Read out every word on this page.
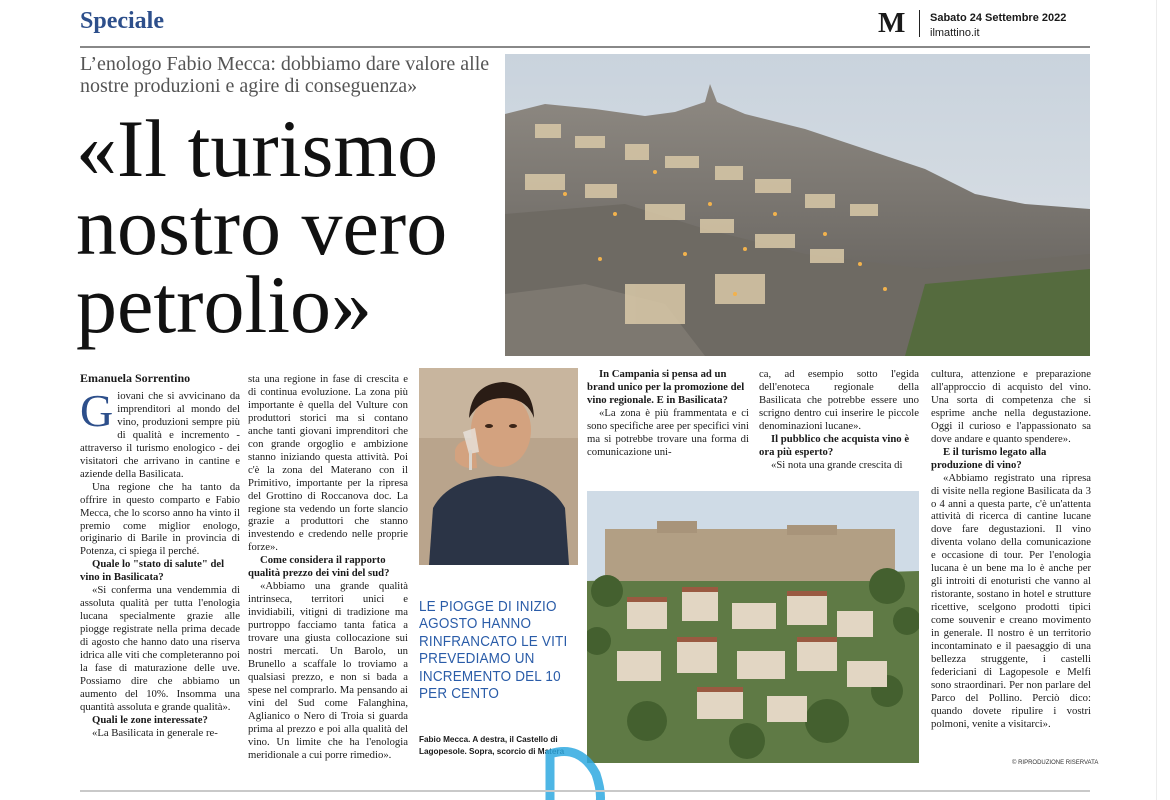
Speciale	M Sabato 24 Settembre 2022
ilmattino.it
L’enologo Fabio Mecca: dobbiamo dare valore alle nostre produzioni e agire di conseguenza»
«Il turismo nostro vero petrolio»
Emanuela Sorrentino

Giovani che si avvicinano da imprenditori al mondo del vino, produzioni sempre più di qualità e incremento - attraverso il turismo enologico - dei visitatori che arrivano in cantine e aziende della Basilicata.

Una regione che ha tanto da offrire in questo comparto e Fabio Mecca, che lo scorso anno ha vinto il premio come miglior enologo, originario di Barile in provincia di Potenza, ci spiega il perché.

Quale lo "stato di salute" del vino in Basilicata?

«Si conferma una vendemmia di assoluta qualità per tutta l'enologia lucana specialmente grazie alle piogge registrate nella prima decade di agosto che hanno dato una riserva idrica alle viti che completeranno poi la fase di maturazione delle uve. Possiamo dire che abbiamo un aumento del 10%. Insomma una quantità assoluta e grande qualità».

Quali le zone interessate?

«La Basilicata in generale re-

sta una regione in fase di crescita e di continua evoluzione. La zona più importante è quella del Vulture con produttori storici ma si contano anche tanti giovani imprenditori che con grande orgoglio e ambizione stanno iniziando questa attività. Poi c'è la zona del Materano con il Primitivo, importante per la ripresa del Grottino di Roccanova doc. La regione sta vedendo un forte slancio grazie a produttori che stanno investendo e credendo nelle proprie forze».

Come considera il rapporto qualità prezzo dei vini del sud?

«Abbiamo una grande qualità intrinseca, territori unici e invidiabili, vitigni di tradizione ma purtroppo facciamo tanta fatica a trovare una giusta collocazione sui nostri mercati. Un Barolo, un Brunello a scaffale lo troviamo a qualsiasi prezzo, e non si bada a spese nel comprarlo. Ma pensando ai vini del Sud come Falanghina, Aglianico o Nero di Troia si guarda prima al prezzo e poi alla qualità del vino. Un limite che ha l'enologia meridionale a cui porre rimedio».

LE PIOGGE DI INIZIO AGOSTO HANNO RINFRANCATO LE VITI PREVEDIAMO UN INCREMENTO DEL 10 PER CENTO
Fabio Mecca. A destra, il Castello di Lagopesole. Sopra, scorcio di Matera

In Campania si pensa ad un brand unico per la promozione del vino regionale. E in Basilicata?

«La zona è più frammentata e ci sono specifiche aree per specifici vini ma si potrebbe trovare una forma di comunicazione uni-

ca, ad esempio sotto l'egida dell'enoteca regionale della Basilicata che potrebbe essere uno scrigno dentro cui inserire le piccole denominazioni lucane».

Il pubblico che acquista vino è ora più esperto?

«Si nota una grande crescita di

cultura, attenzione e preparazione all'approccio di acquisto del vino. Una sorta di competenza che si esprime anche nella degustazione. Oggi il curioso e l'appassionato sa dove andare e quanto spendere».

E il turismo legato alla produzione di vino?

«Abbiamo registrato una ripresa di visite nella regione Basilicata da 3 o 4 anni a questa parte, c'è un'attenta attività di ricerca di cantine lucane dove fare degustazioni. Il vino diventa volano della comunicazione e occasione di tour. Per l'enologia lucana è un bene ma lo è anche per gli introiti di enoturisti che vanno al ristorante, sostano in hotel e strutture ricettive, scelgono prodotti tipici come souvenir e creano movimento in generale. Il nostro è un territorio incontaminato e il paesaggio di una bellezza struggente, i castelli federiciani di Lagopesole e Melfi sono straordinari. Per non parlare del Parco del Pollino. Perciò dico: quando dovete ripulire i vostri polmoni, venite a visitarci».

© RIPRODUZIONE RISERVATA
